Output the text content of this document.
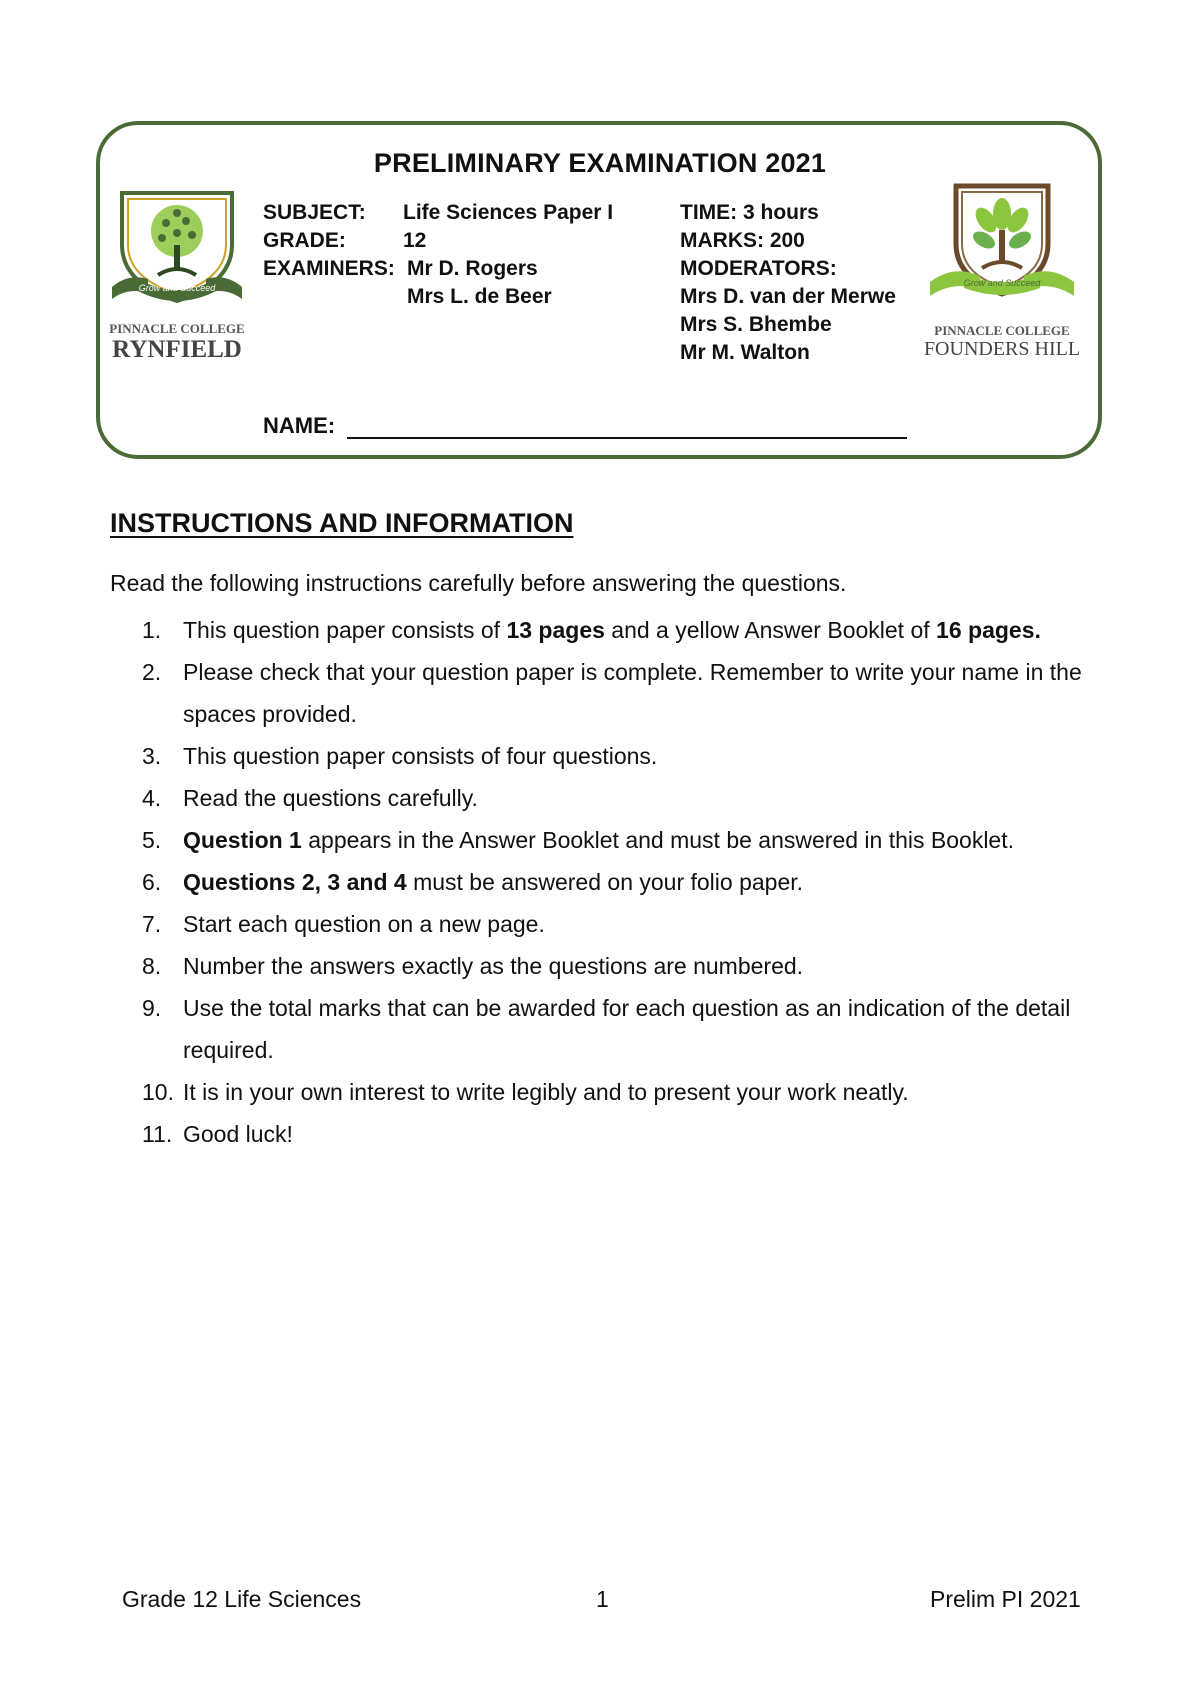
PRELIMINARY EXAMINATION 2021
Grow and Succeed
PINNACLE COLLEGE
RYNFIELD
Grow and Succeed
PINNACLE COLLEGE
FOUNDERS HILL
SUBJECT:
GRADE:
EXAMINERS:
Life Sciences Paper I
12
Mr D. Rogers
Mrs L. de Beer
TIME: 3 hours
MARKS: 200
MODERATORS:
Mrs D. van der Merwe
Mrs S. Bhembe
Mr M. Walton
NAME:
INSTRUCTIONS AND INFORMATION
Read the following instructions carefully before answering the questions.
1. This question paper consists of 13 pages and a yellow Answer Booklet of 16 pages.
2. Please check that your question paper is complete. Remember to write your name in the spaces provided.
3. This question paper consists of four questions.
4. Read the questions carefully.
5. Question 1 appears in the Answer Booklet and must be answered in this Booklet.
6. Questions 2, 3 and 4 must be answered on your folio paper.
7. Start each question on a new page.
8. Number the answers exactly as the questions are numbered.
9. Use the total marks that can be awarded for each question as an indication of the detail required.
10. It is in your own interest to write legibly and to present your work neatly.
11. Good luck!
Grade 12 Life Sciences	1	Prelim PI 2021
